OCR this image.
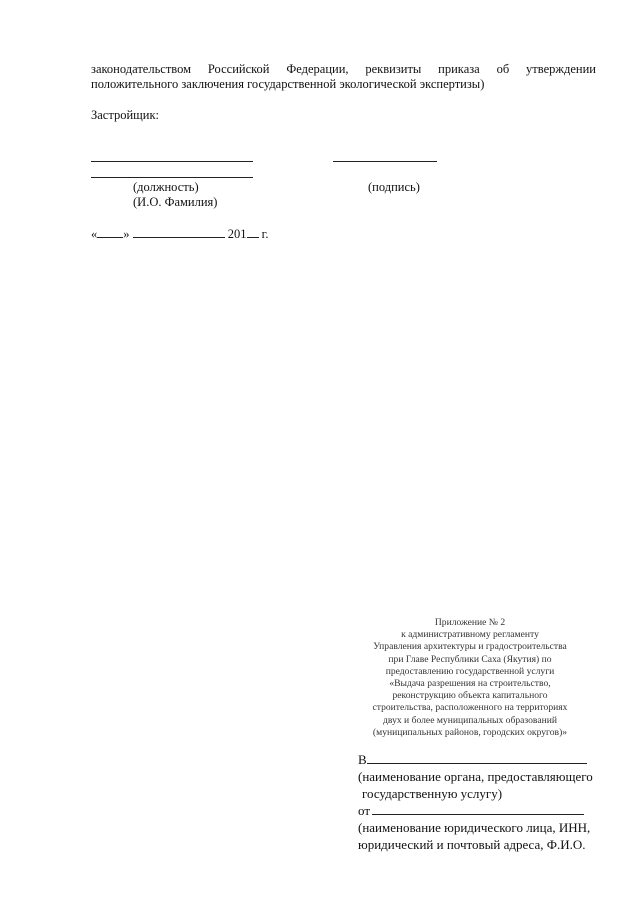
законодательством Российской Федерации, реквизиты приказа об утверждении
положительного заключения государственной экологической экспертизы)
Застройщик:
(должность)	(подпись)
(И.О. Фамилия)
« »	201 г.
Приложение № 2
к административному регламенту
Управления архитектуры и градостроительства
при Главе Республики Саха (Якутия) по
предоставлению государственной услуги
«Выдача разрешения на строительство,
реконструкцию объекта капитального
строительства, расположенного на территориях
двух и более муниципальных образований
(муниципальных районов, городских округов)»
В
(наименование органа, предоставляющего
государственную услугу)
от
(наименование юридического лица, ИНН,
юридический и почтовый адреса, Ф.И.О.
